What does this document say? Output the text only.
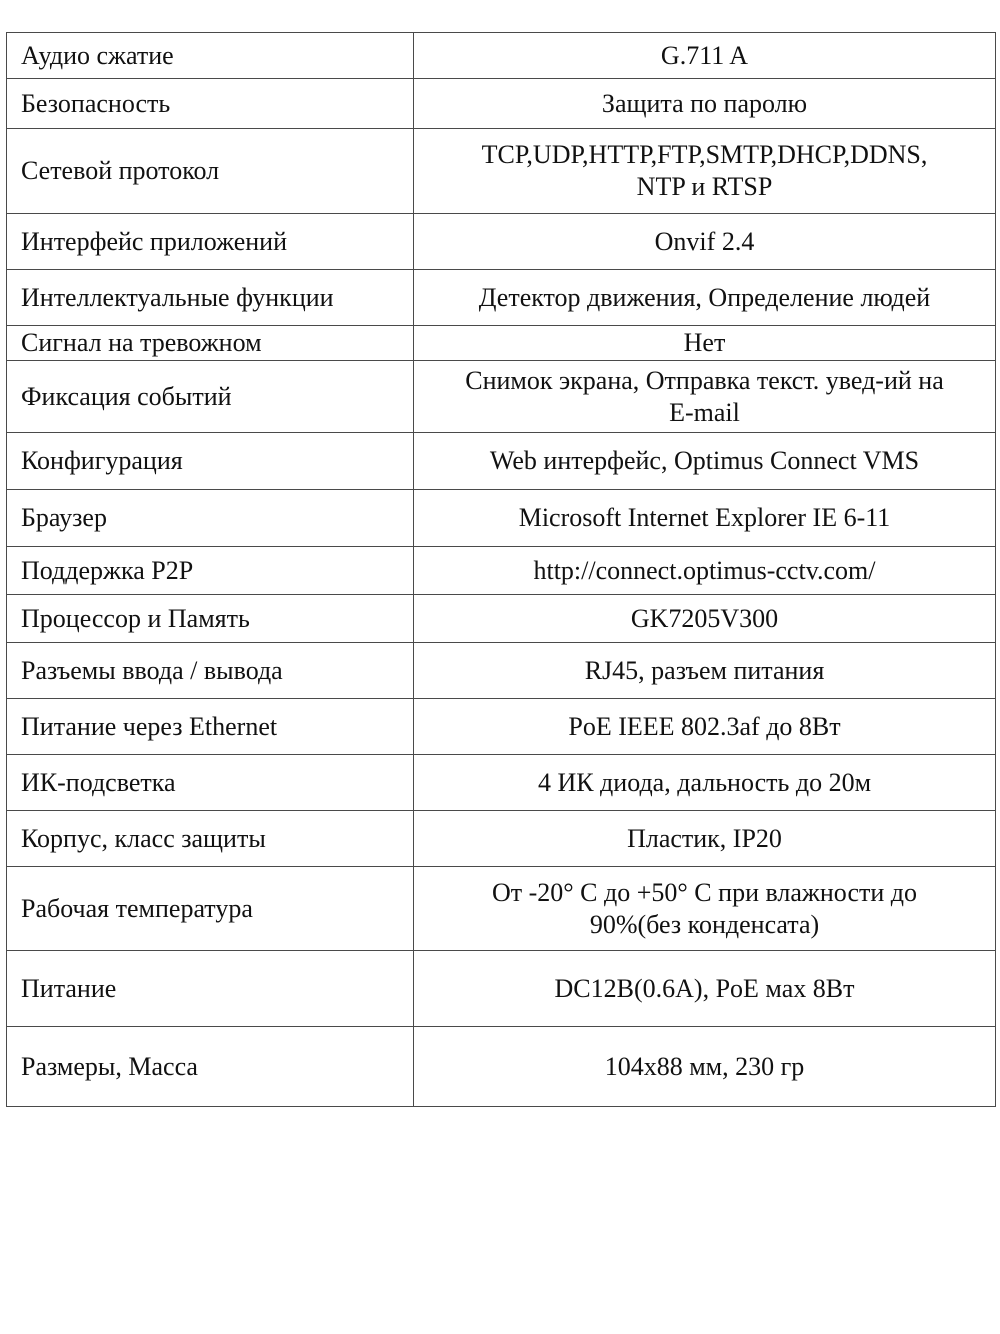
Аудио сжатие	G.711 A

Безопасность	Защита по паролю

Сетевой протокол	TCP,UDP,HTTP,FTP,SMTP,DHCP,DDNS,
NTP и RTSP

Интерфейс приложений	Onvif 2.4

Интеллектуальные функции	Детектор движения, Определение людей

Сигнал на тревожном	Нет

Фиксация событий	Снимок экрана, Отправка текст. увед-ий на
E-mail

Конфигурация	Web интерфейс, Optimus Connect VMS

Браузер	Microsoft Internet Explorer IE 6-11

Поддержка P2P	http://connect.optimus-cctv.com/

Процессор и Память	GK7205V300

Разъемы ввода / вывода	RJ45, разъем питания

Питание через Ethernet	PoE IEEE 802.3af до 8Вт

ИК-подсветка	4 ИК диода, дальность до 20м

Корпус, класс защиты	Пластик, IP20

Рабочая температура	От -20° С до +50° С при влажности до
90%(без конденсата)

Питание	DC12В(0.6А), PoE мах 8Вт

Размеры, Масса	104х88 мм, 230 гр
